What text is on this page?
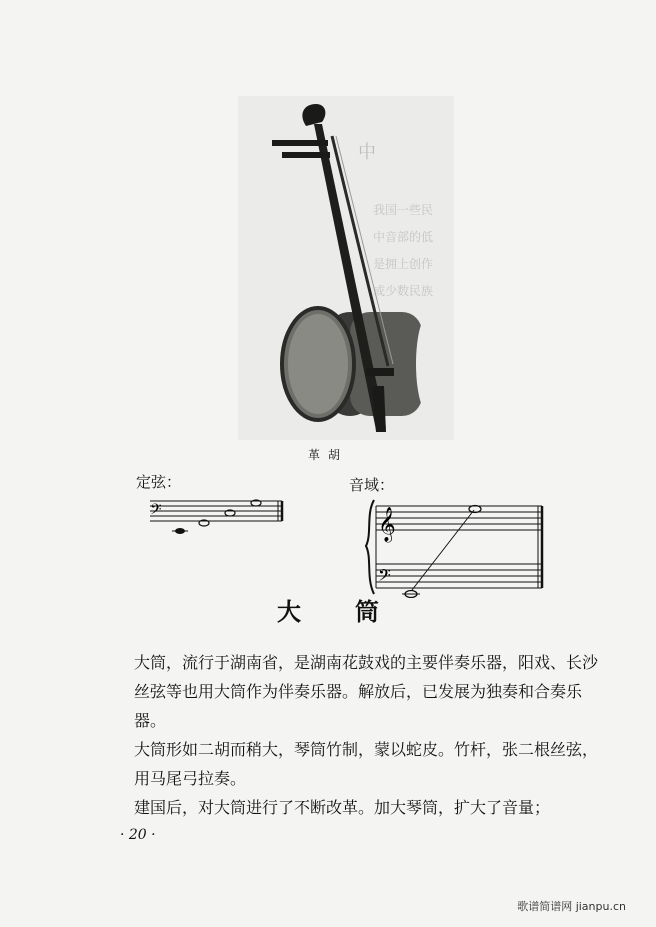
中
我国一些民
中音部的低
是拥上创作
或少数民族
革胡
定弦：
𝄢
音域：
𝄞
𝄢
大筒

大筒，流行于湖南省，是湖南花鼓戏的主要伴奏乐器，阳戏、长沙丝弦等也用大筒作为伴奏乐器。解放后，已发展为独奏和合奏乐器。

大筒形如二胡而稍大，琴筒竹制，蒙以蛇皮。竹杆，张二根丝弦，用马尾弓拉奏。

建国后，对大筒进行了不断改革。加大琴筒，扩大了音量；

· 20 ·
歌谱简谱网 jianpu.cn
